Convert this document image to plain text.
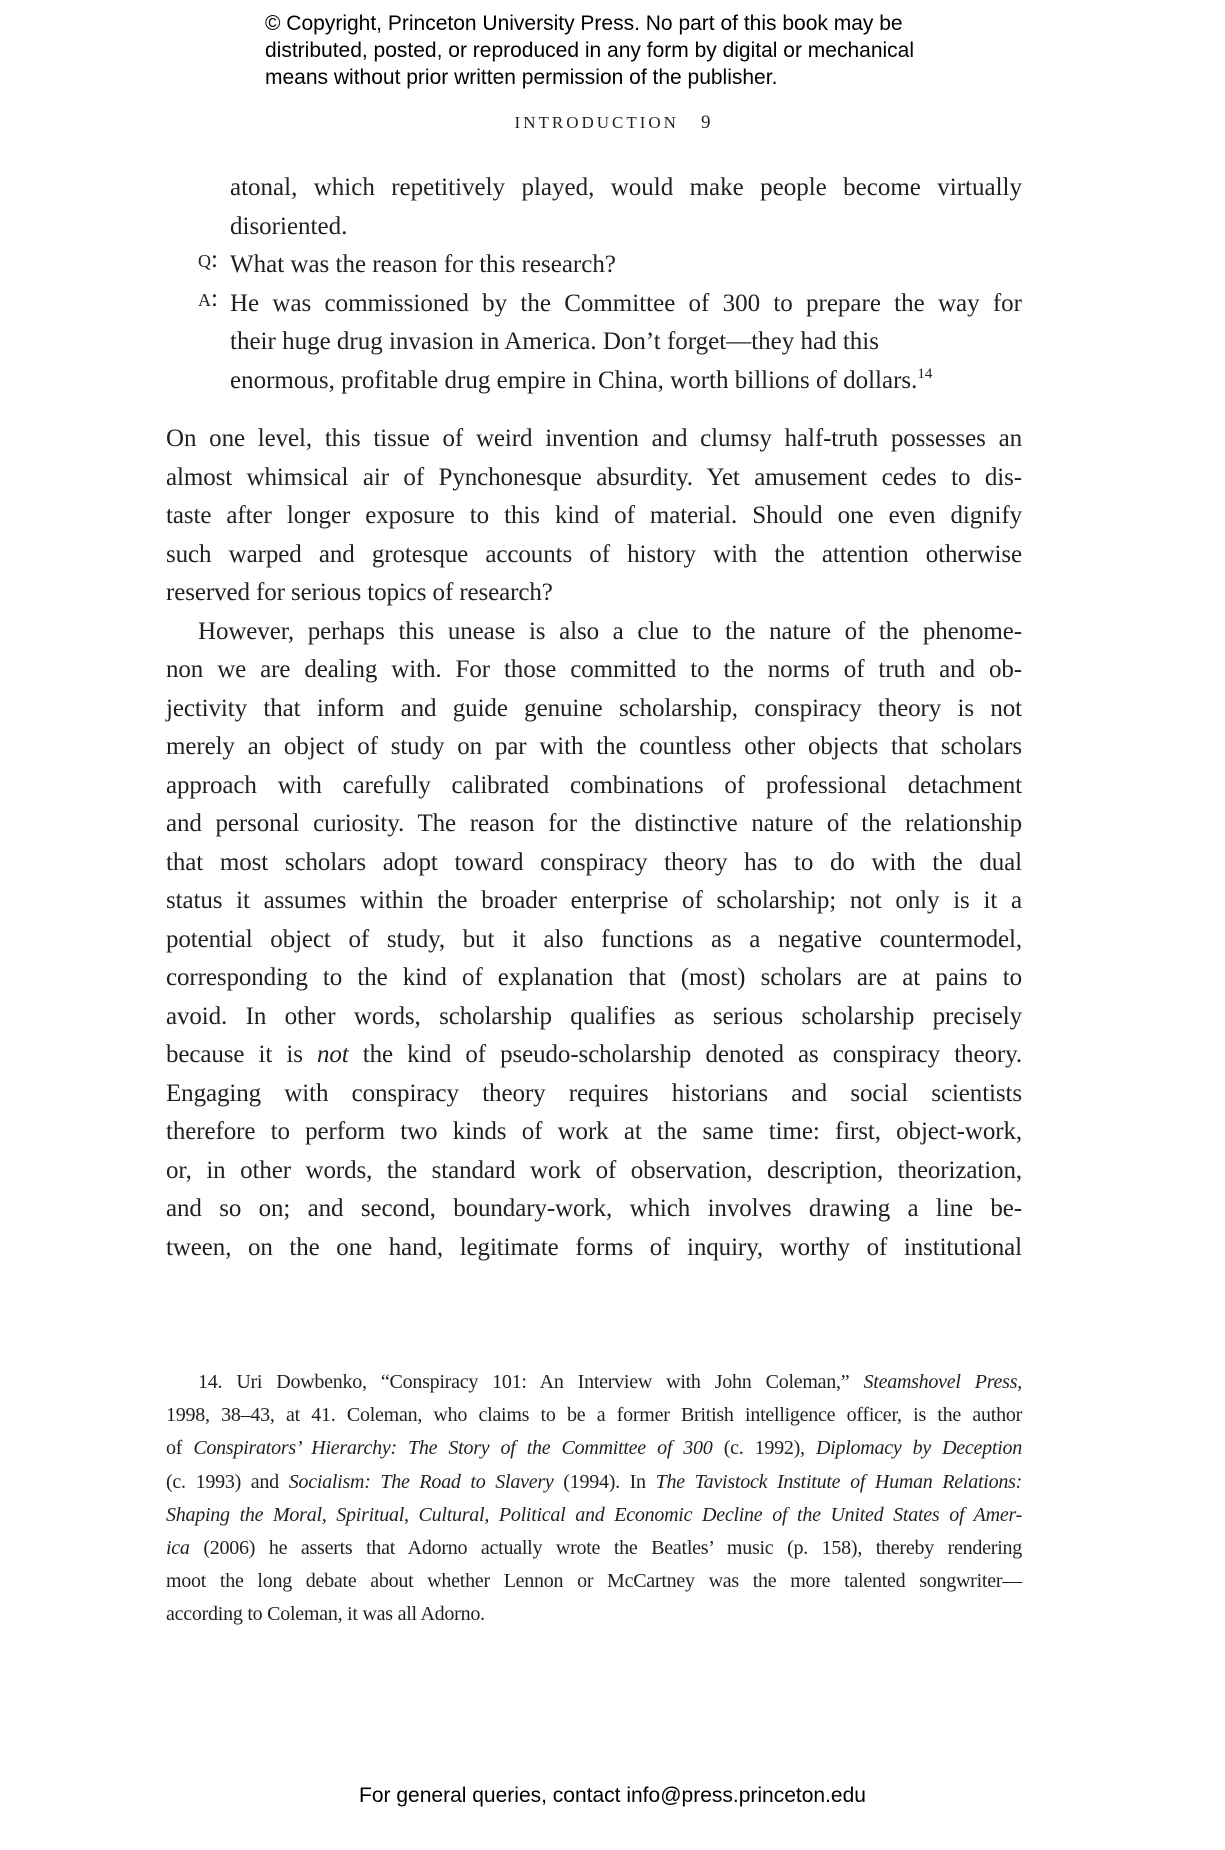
© Copyright, Princeton University Press. No part of this book may be
distributed, posted, or reproduced in any form by digital or mechanical
means without prior written permission of the publisher.
INTRODUCTION 9
atonal, which repetitively played, would make people become virtually
disoriented.
q: What was the reason for this research?
a: He was commissioned by the Committee of 300 to prepare the way for
their huge drug invasion in America. Don’t forget—they had this
enormous, profitable drug empire in China, worth billions of dollars.$^{14}$
On one level, this tissue of weird invention and clumsy half-truth possesses an
almost whimsical air of Pynchonesque absurdity. Yet amusement cedes to dis-
taste after longer exposure to this kind of material. Should one even dignify
such warped and grotesque accounts of history with the attention otherwise
reserved for serious topics of research?
However, perhaps this unease is also a clue to the nature of the phenome-
non we are dealing with. For those committed to the norms of truth and ob-
jectivity that inform and guide genuine scholarship, conspiracy theory is not
merely an object of study on par with the countless other objects that scholars
approach with carefully calibrated combinations of professional detachment
and personal curiosity. The reason for the distinctive nature of the relationship
that most scholars adopt toward conspiracy theory has to do with the dual
status it assumes within the broader enterprise of scholarship; not only is it a
potential object of study, but it also functions as a negative countermodel,
corresponding to the kind of explanation that (most) scholars are at pains to
avoid. In other words, scholarship qualifies as serious scholarship precisely
because it is not the kind of pseudo-scholarship denoted as conspiracy theory.
Engaging with conspiracy theory requires historians and social scientists
therefore to perform two kinds of work at the same time: first, object-work,
or, in other words, the standard work of observation, description, theorization,
and so on; and second, boundary-work, which involves drawing a line be-
tween, on the one hand, legitimate forms of inquiry, worthy of institutional
14. Uri Dowbenko, “Conspiracy 101: An Interview with John Coleman,” Steamshovel Press,
1998, 38–43, at 41. Coleman, who claims to be a former British intelligence officer, is the author
of Conspirators’ Hierarchy: The Story of the Committee of 300 (c. 1992), Diplomacy by Deception
(c. 1993) and Socialism: The Road to Slavery (1994). In The Tavistock Institute of Human Relations:
Shaping the Moral, Spiritual, Cultural, Political and Economic Decline of the United States of Amer-
ica (2006) he asserts that Adorno actually wrote the Beatles’ music (p. 158), thereby rendering
moot the long debate about whether Lennon or McCartney was the more talented songwriter—
according to Coleman, it was all Adorno.
For general queries, contact info@press.princeton.edu
